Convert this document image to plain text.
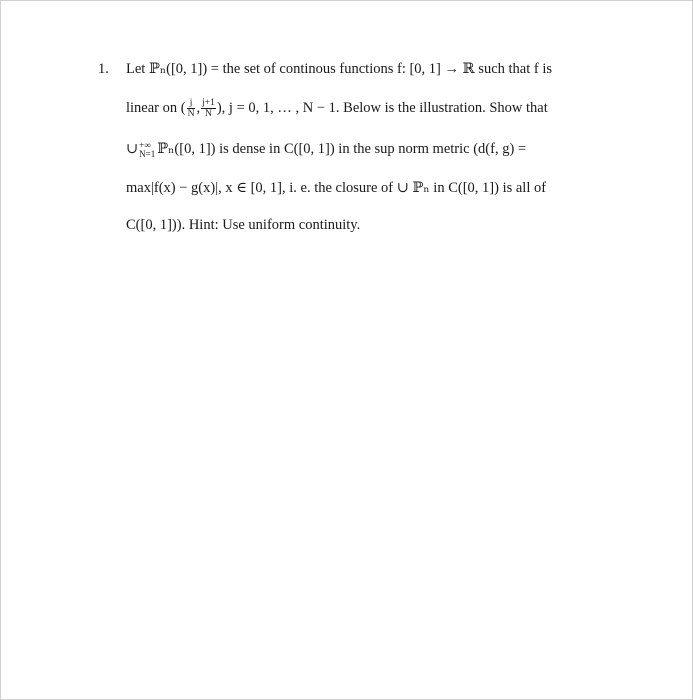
1. Let ℙₙ([0, 1]) = the set of continous functions f: [0, 1] → ℝ such that f is
linear on ( $\frac{j}{N}$ , $\frac{j+1}{N}$ ), j = 0, 1, … , N − 1. Below is the illustration. Show that
∪ +∞
N=1 ℙₙ([0, 1]) is dense in C([0, 1]) in the sup norm metric (d(f, g) =
max|f(x) − g(x)|, x ∈ [0, 1], i. e. the closure of ∪ ℙₙ in C([0, 1]) is all of
C([0, 1])). Hint: Use uniform continuity.
